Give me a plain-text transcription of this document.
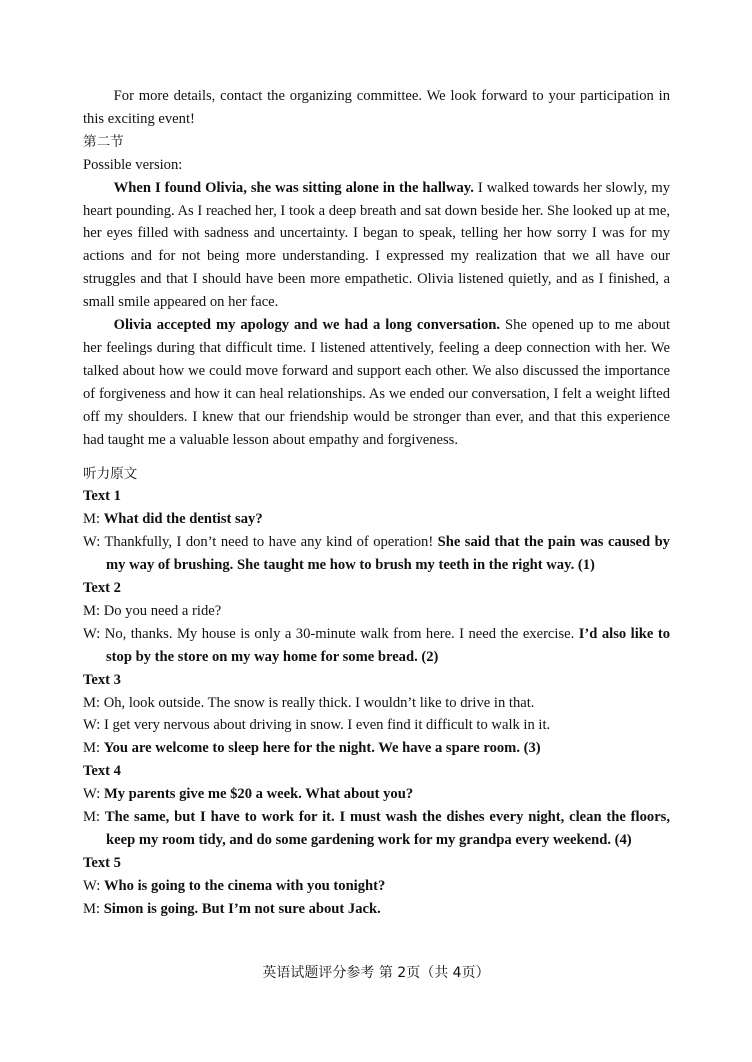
For more details, contact the organizing committee. We look forward to your participation in this exciting event!

第二节

Possible version:

When I found Olivia, she was sitting alone in the hallway. I walked towards her slowly, my heart pounding. As I reached her, I took a deep breath and sat down beside her. She looked up at me, her eyes filled with sadness and uncertainty. I began to speak, telling her how sorry I was for my actions and for not being more understanding. I expressed my realization that we all have our struggles and that I should have been more empathetic. Olivia listened quietly, and as I finished, a small smile appeared on her face.

Olivia accepted my apology and we had a long conversation. She opened up to me about her feelings during that difficult time. I listened attentively, feeling a deep connection with her. We talked about how we could move forward and support each other. We also discussed the importance of forgiveness and how it can heal relationships. As we ended our conversation, I felt a weight lifted off my shoulders. I knew that our friendship would be stronger than ever, and that this experience had taught me a valuable lesson about empathy and forgiveness.

听力原文

Text 1

M: What did the dentist say?

W: Thankfully, I don’t need to have any kind of operation! She said that the pain was caused by my way of brushing. She taught me how to brush my teeth in the right way. (1)

Text 2

M: Do you need a ride?

W: No, thanks. My house is only a 30-minute walk from here. I need the exercise. I’d also like to stop by the store on my way home for some bread. (2)

Text 3

M: Oh, look outside. The snow is really thick. I wouldn’t like to drive in that.

W: I get very nervous about driving in snow. I even find it difficult to walk in it.

M: You are welcome to sleep here for the night. We have a spare room. (3)

Text 4

W: My parents give me $20 a week. What about you?

M: The same, but I have to work for it. I must wash the dishes every night, clean the floors, keep my room tidy, and do some gardening work for my grandpa every weekend. (4)

Text 5

W: Who is going to the cinema with you tonight?

M: Simon is going. But I’m not sure about Jack.

英语试题评分参考 第 2页（共 4页）
